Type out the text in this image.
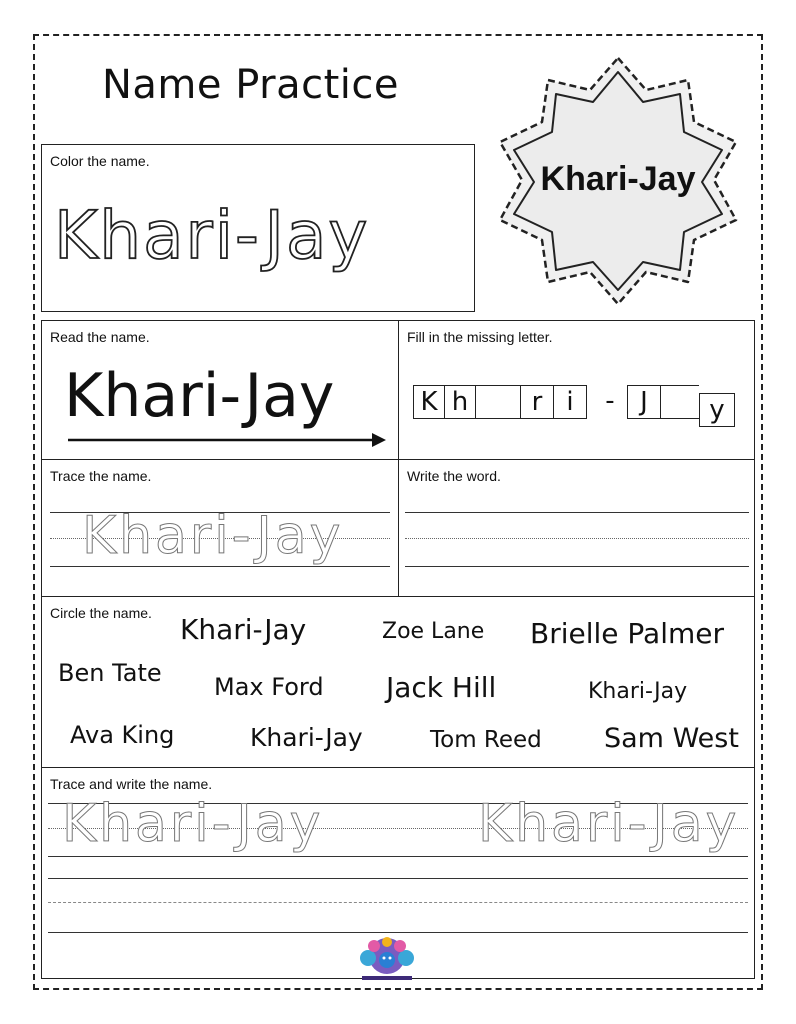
Name Practice
Color the name.
Khari-Jay
Khari-Jay
Read the name.
Khari-Jay
Fill in the missing letter.
K h	r i	- J	y
Trace the name.
Khari-Jay
Write the word.
Circle the name. Khari-Jay	Zoe Lane Brielle Palmer
Ben Tate Max Ford Jack Hill	Khari-Jay
Ava King	Khari-Jay	Tom Reed Sam West
Trace and write the name.
Khari-Jay	Khari-Jay
